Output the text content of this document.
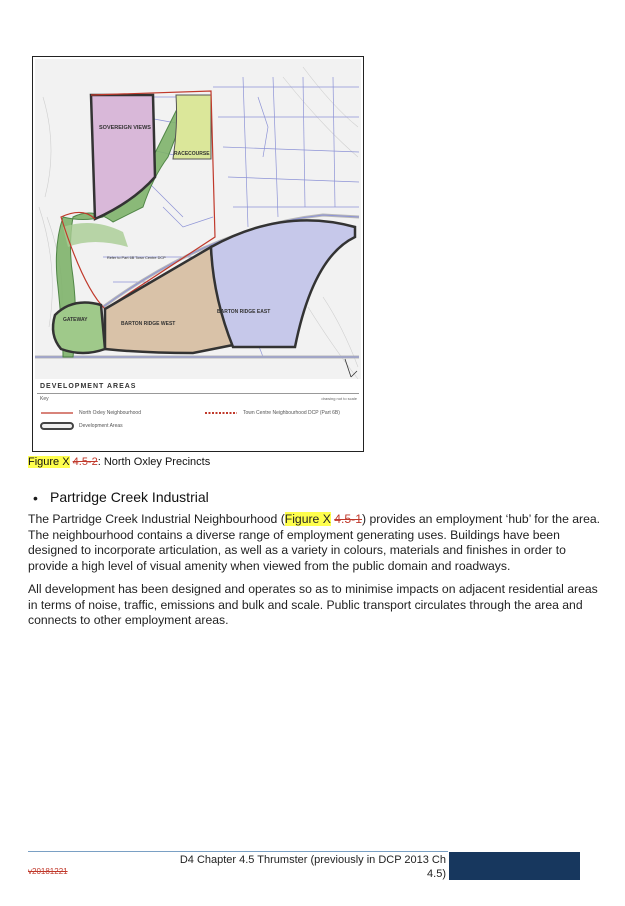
SOVEREIGN VIEWS
RACECOURSE
GATEWAY
BARTON RIDGE WEST
BARTON RIDGE EAST
Refer to Part 6B Town Centre DCP
DEVELOPMENT AREAS
Key	drawing not to scale
North Oxley Neighbourhood
Development Areas
Town Centre Neighbourhood DCP (Part 6B)
Figure X 4.5-2: North Oxley Precincts
• Partridge Creek Industrial
The Partridge Creek Industrial Neighbourhood (Figure X 4.5-1) provides an employment ‘hub’ for the area. The neighbourhood contains a diverse range of employment generating uses. Buildings have been designed to incorporate articulation, as well as a variety in colours, materials and finishes in order to provide a high level of visual amenity when viewed from the public domain and roadways.
All development has been designed and operates so as to minimise impacts on adjacent residential areas in terms of noise, traffic, emissions and bulk and scale. Public transport circulates through the area and connects to other employment areas.
D4 Chapter 4.5 Thrumster (previously in DCP 2013 Ch
4.5)
v20181221
